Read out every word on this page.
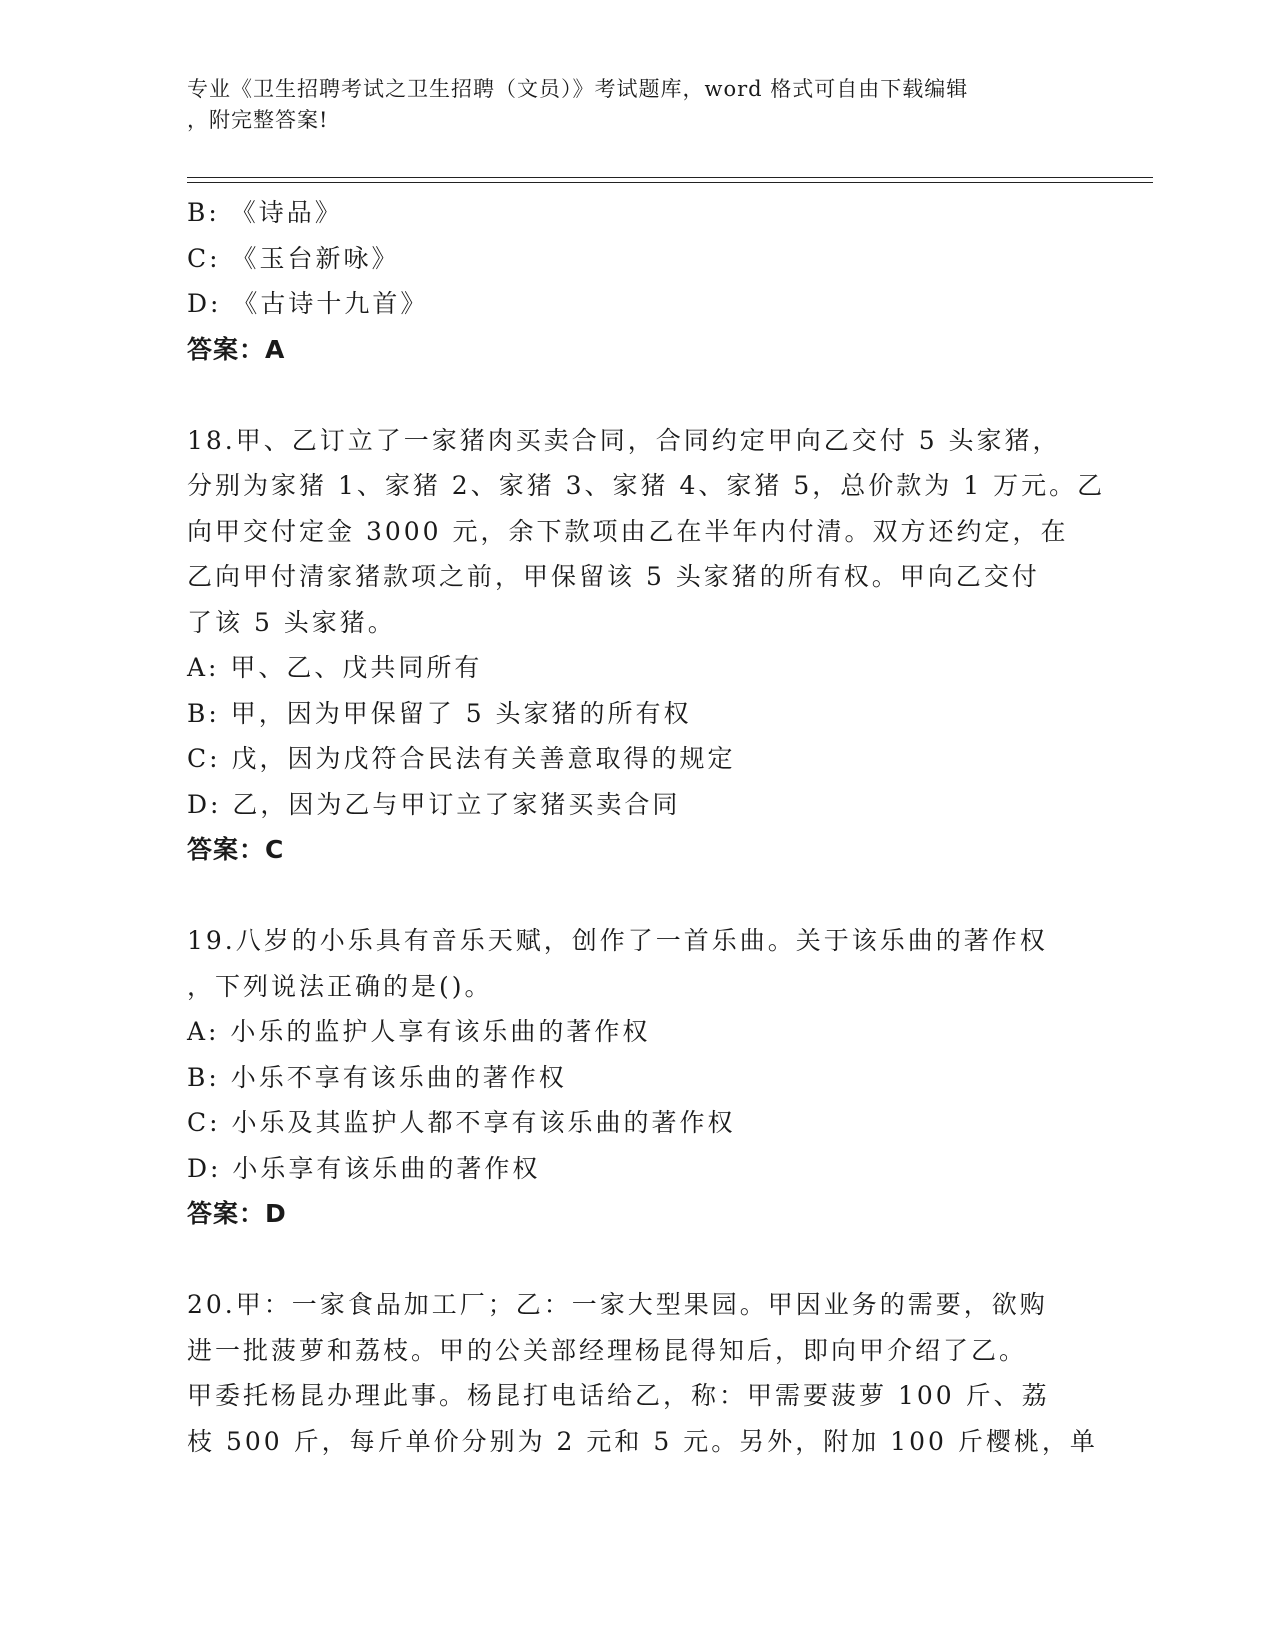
专业《卫生招聘考试之卫生招聘（文员）》考试题库，word 格式可自由下载编辑
，附完整答案!
B: 《诗品》
C: 《玉台新咏》
D: 《古诗十九首》
答案：A
18.甲、乙订立了一家猪肉买卖合同，合同约定甲向乙交付 5 头家猪，
分别为家猪 1、家猪 2、家猪 3、家猪 4、家猪 5，总价款为 1 万元。乙
向甲交付定金 3000 元，余下款项由乙在半年内付清。双方还约定，在
乙向甲付清家猪款项之前，甲保留该 5 头家猪的所有权。甲向乙交付
了该 5 头家猪。
A: 甲、乙、戊共同所有
B: 甲，因为甲保留了 5 头家猪的所有权
C: 戊，因为戊符合民法有关善意取得的规定
D: 乙，因为乙与甲订立了家猪买卖合同
答案：C
19.八岁的小乐具有音乐天赋，创作了一首乐曲。关于该乐曲的著作权
，下列说法正确的是()。
A: 小乐的监护人享有该乐曲的著作权
B: 小乐不享有该乐曲的著作权
C: 小乐及其监护人都不享有该乐曲的著作权
D: 小乐享有该乐曲的著作权
答案：D
20.甲：一家食品加工厂；乙：一家大型果园。甲因业务的需要，欲购
进一批菠萝和荔枝。甲的公关部经理杨昆得知后，即向甲介绍了乙。
甲委托杨昆办理此事。杨昆打电话给乙，称：甲需要菠萝 100 斤、荔
枝 500 斤，每斤单价分别为 2 元和 5 元。另外，附加 100 斤樱桃，单
